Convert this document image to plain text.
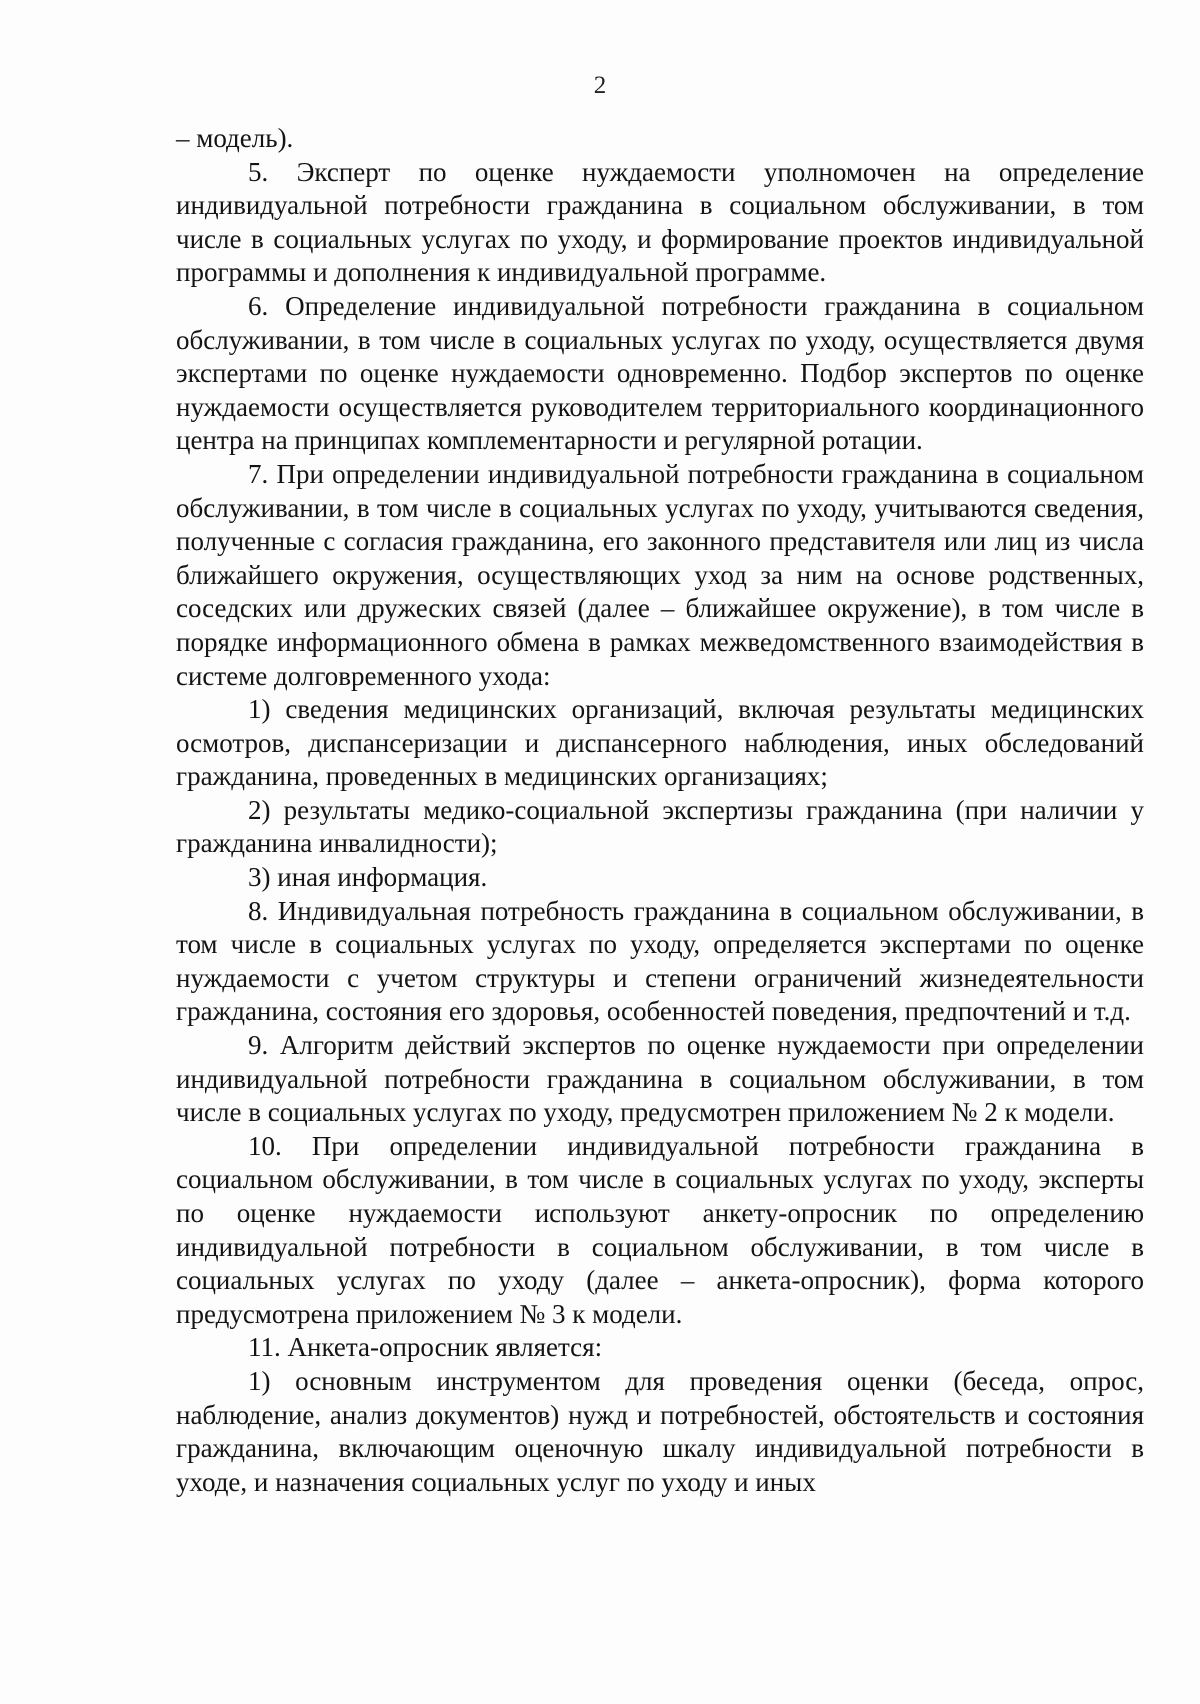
2

– модель).

5. Эксперт по оценке нуждаемости уполномочен на определение индивидуальной потребности гражданина в социальном обслуживании, в том числе в социальных услугах по уходу, и формирование проектов индивидуальной программы и дополнения к индивидуальной программе.

6. Определение индивидуальной потребности гражданина в социальном обслуживании, в том числе в социальных услугах по уходу, осуществляется двумя экспертами по оценке нуждаемости одновременно. Подбор экспертов по оценке нуждаемости осуществляется руководителем территориального координационного центра на принципах комплементарности и регулярной ротации.

7. При определении индивидуальной потребности гражданина в социальном обслуживании, в том числе в социальных услугах по уходу, учитываются сведения, полученные с согласия гражданина, его законного представителя или лиц из числа ближайшего окружения, осуществляющих уход за ним на основе родственных, соседских или дружеских связей (далее – ближайшее окружение), в том числе в порядке информационного обмена в рамках межведомственного взаимодействия в системе долговременного ухода:

1) сведения медицинских организаций, включая результаты медицинских осмотров, диспансеризации и диспансерного наблюдения, иных обследований гражданина, проведенных в медицинских организациях;

2) результаты медико-социальной экспертизы гражданина (при наличии у гражданина инвалидности);

3) иная информация.

8. Индивидуальная потребность гражданина в социальном обслуживании, в том числе в социальных услугах по уходу, определяется экспертами по оценке нуждаемости с учетом структуры и степени ограничений жизнедеятельности гражданина, состояния его здоровья, особенностей поведения, предпочтений и т.д.

9. Алгоритм действий экспертов по оценке нуждаемости при определении индивидуальной потребности гражданина в социальном обслуживании, в том числе в социальных услугах по уходу, предусмотрен приложением № 2 к модели.

10. При определении индивидуальной потребности гражданина в социальном обслуживании, в том числе в социальных услугах по уходу, эксперты по оценке нуждаемости используют анкету-опросник по определению индивидуальной потребности в социальном обслуживании, в том числе в социальных услугах по уходу (далее – анкета-опросник), форма которого предусмотрена приложением № 3 к модели.

11. Анкета-опросник является:

1) основным инструментом для проведения оценки (беседа, опрос, наблюдение, анализ документов) нужд и потребностей, обстоятельств и состояния гражданина, включающим оценочную шкалу индивидуальной потребности в уходе, и назначения социальных услуг по уходу и иных
